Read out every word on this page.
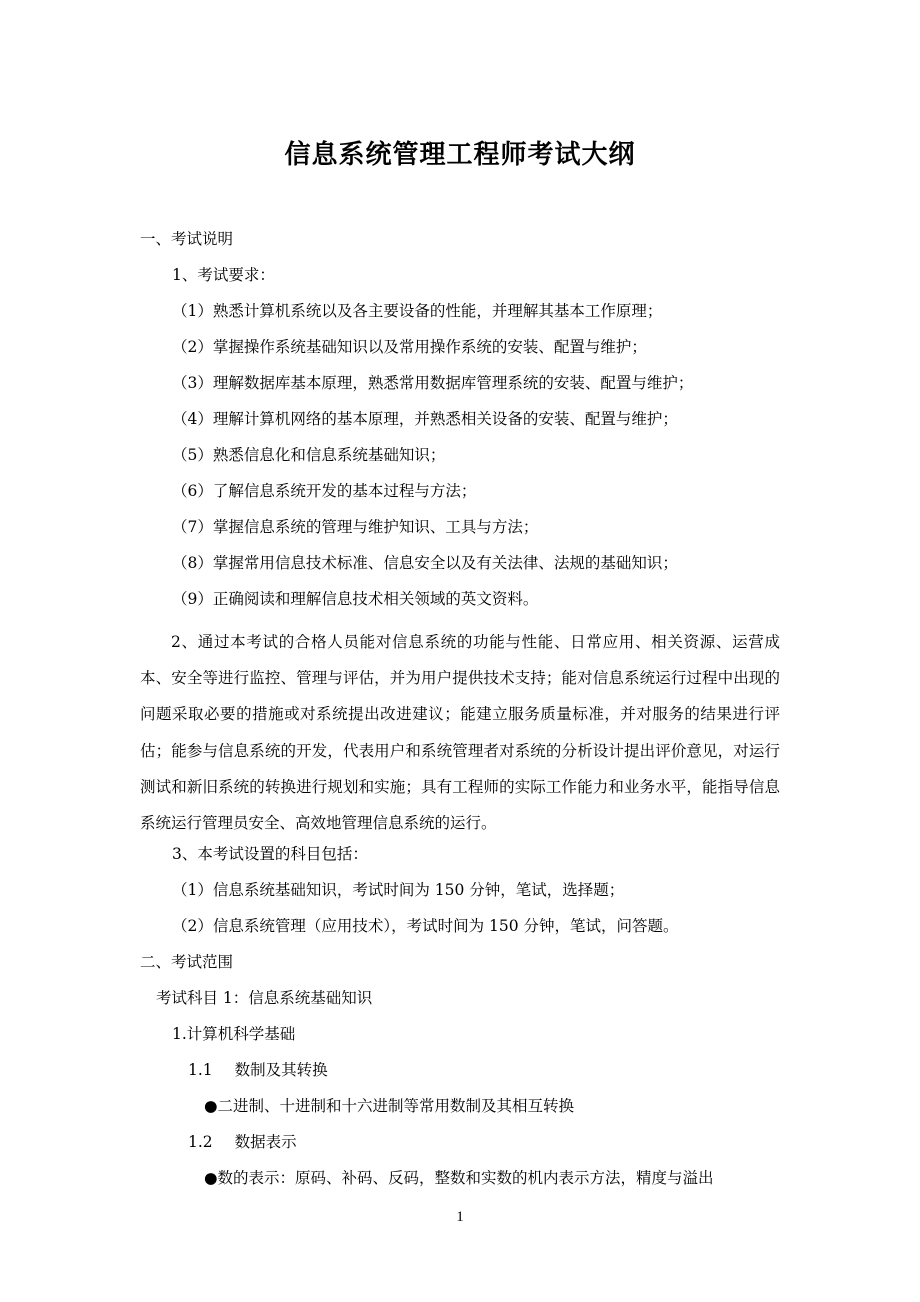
信息系统管理工程师考试大纲
一、考试说明
1、考试要求：
（1）熟悉计算机系统以及各主要设备的性能，并理解其基本工作原理；
（2）掌握操作系统基础知识以及常用操作系统的安装、配置与维护；
（3）理解数据库基本原理，熟悉常用数据库管理系统的安装、配置与维护；
（4）理解计算机网络的基本原理，并熟悉相关设备的安装、配置与维护；
（5）熟悉信息化和信息系统基础知识；
（6）了解信息系统开发的基本过程与方法；
（7）掌握信息系统的管理与维护知识、工具与方法；
（8）掌握常用信息技术标准、信息安全以及有关法律、法规的基础知识；
（9）正确阅读和理解信息技术相关领域的英文资料。

2、通过本考试的合格人员能对信息系统的功能与性能、日常应用、相关资源、运营成本、安全等进行监控、管理与评估，并为用户提供技术支持；能对信息系统运行过程中出现的问题采取必要的措施或对系统提出改进建议；能建立服务质量标准，并对服务的结果进行评估；能参与信息系统的开发，代表用户和系统管理者对系统的分析设计提出评价意见，对运行测试和新旧系统的转换进行规划和实施；具有工程师的实际工作能力和业务水平，能指导信息系统运行管理员安全、高效地管理信息系统的运行。

3、本考试设置的科目包括：
（1）信息系统基础知识，考试时间为 150 分钟，笔试，选择题；
（2）信息系统管理（应用技术），考试时间为 150 分钟，笔试，问答题。
二、考试范围
考试科目 1：信息系统基础知识
1.计算机科学基础
1.1 数制及其转换
●二进制、十进制和十六进制等常用数制及其相互转换
1.2 数据表示
●数的表示：原码、补码、反码，整数和实数的机内表示方法，精度与溢出
1
